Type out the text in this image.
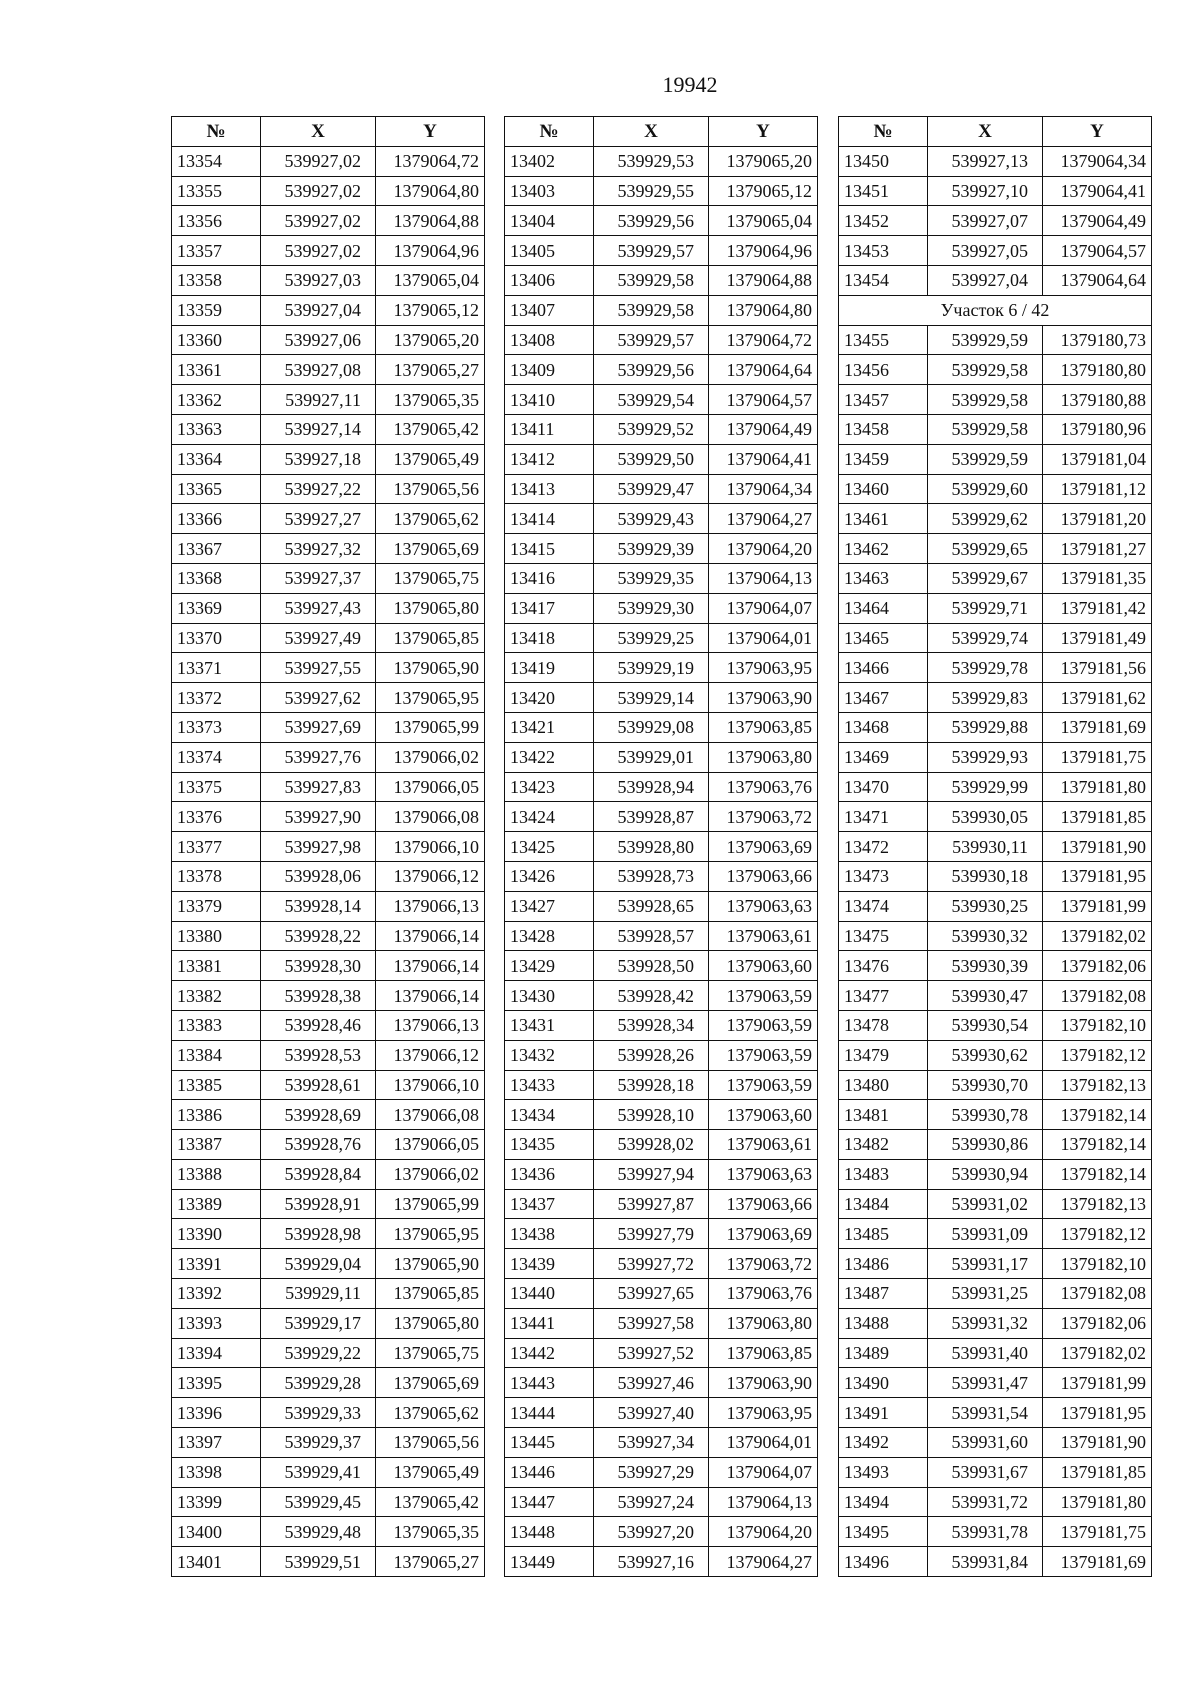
19942
№	X	Y
13354	539927,02	1379064,72
13355	539927,02	1379064,80
13356	539927,02	1379064,88
13357	539927,02	1379064,96
13358	539927,03	1379065,04
13359	539927,04	1379065,12
13360	539927,06	1379065,20
13361	539927,08	1379065,27
13362	539927,11	1379065,35
13363	539927,14	1379065,42
13364	539927,18	1379065,49
13365	539927,22	1379065,56
13366	539927,27	1379065,62
13367	539927,32	1379065,69
13368	539927,37	1379065,75
13369	539927,43	1379065,80
13370	539927,49	1379065,85
13371	539927,55	1379065,90
13372	539927,62	1379065,95
13373	539927,69	1379065,99
13374	539927,76	1379066,02
13375	539927,83	1379066,05
13376	539927,90	1379066,08
13377	539927,98	1379066,10
13378	539928,06	1379066,12
13379	539928,14	1379066,13
13380	539928,22	1379066,14
13381	539928,30	1379066,14
13382	539928,38	1379066,14
13383	539928,46	1379066,13
13384	539928,53	1379066,12
13385	539928,61	1379066,10
13386	539928,69	1379066,08
13387	539928,76	1379066,05
13388	539928,84	1379066,02
13389	539928,91	1379065,99
13390	539928,98	1379065,95
13391	539929,04	1379065,90
13392	539929,11	1379065,85
13393	539929,17	1379065,80
13394	539929,22	1379065,75
13395	539929,28	1379065,69
13396	539929,33	1379065,62
13397	539929,37	1379065,56
13398	539929,41	1379065,49
13399	539929,45	1379065,42
13400	539929,48	1379065,35
13401	539929,51	1379065,27
№	X	Y
13402	539929,53	1379065,20
13403	539929,55	1379065,12
13404	539929,56	1379065,04
13405	539929,57	1379064,96
13406	539929,58	1379064,88
13407	539929,58	1379064,80
13408	539929,57	1379064,72
13409	539929,56	1379064,64
13410	539929,54	1379064,57
13411	539929,52	1379064,49
13412	539929,50	1379064,41
13413	539929,47	1379064,34
13414	539929,43	1379064,27
13415	539929,39	1379064,20
13416	539929,35	1379064,13
13417	539929,30	1379064,07
13418	539929,25	1379064,01
13419	539929,19	1379063,95
13420	539929,14	1379063,90
13421	539929,08	1379063,85
13422	539929,01	1379063,80
13423	539928,94	1379063,76
13424	539928,87	1379063,72
13425	539928,80	1379063,69
13426	539928,73	1379063,66
13427	539928,65	1379063,63
13428	539928,57	1379063,61
13429	539928,50	1379063,60
13430	539928,42	1379063,59
13431	539928,34	1379063,59
13432	539928,26	1379063,59
13433	539928,18	1379063,59
13434	539928,10	1379063,60
13435	539928,02	1379063,61
13436	539927,94	1379063,63
13437	539927,87	1379063,66
13438	539927,79	1379063,69
13439	539927,72	1379063,72
13440	539927,65	1379063,76
13441	539927,58	1379063,80
13442	539927,52	1379063,85
13443	539927,46	1379063,90
13444	539927,40	1379063,95
13445	539927,34	1379064,01
13446	539927,29	1379064,07
13447	539927,24	1379064,13
13448	539927,20	1379064,20
13449	539927,16	1379064,27
№	X	Y
13450	539927,13	1379064,34
13451	539927,10	1379064,41
13452	539927,07	1379064,49
13453	539927,05	1379064,57
13454	539927,04	1379064,64
Участок 6 / 42		
13455	539929,59	1379180,73
13456	539929,58	1379180,80
13457	539929,58	1379180,88
13458	539929,58	1379180,96
13459	539929,59	1379181,04
13460	539929,60	1379181,12
13461	539929,62	1379181,20
13462	539929,65	1379181,27
13463	539929,67	1379181,35
13464	539929,71	1379181,42
13465	539929,74	1379181,49
13466	539929,78	1379181,56
13467	539929,83	1379181,62
13468	539929,88	1379181,69
13469	539929,93	1379181,75
13470	539929,99	1379181,80
13471	539930,05	1379181,85
13472	539930,11	1379181,90
13473	539930,18	1379181,95
13474	539930,25	1379181,99
13475	539930,32	1379182,02
13476	539930,39	1379182,06
13477	539930,47	1379182,08
13478	539930,54	1379182,10
13479	539930,62	1379182,12
13480	539930,70	1379182,13
13481	539930,78	1379182,14
13482	539930,86	1379182,14
13483	539930,94	1379182,14
13484	539931,02	1379182,13
13485	539931,09	1379182,12
13486	539931,17	1379182,10
13487	539931,25	1379182,08
13488	539931,32	1379182,06
13489	539931,40	1379182,02
13490	539931,47	1379181,99
13491	539931,54	1379181,95
13492	539931,60	1379181,90
13493	539931,67	1379181,85
13494	539931,72	1379181,80
13495	539931,78	1379181,75
13496	539931,84	1379181,69
